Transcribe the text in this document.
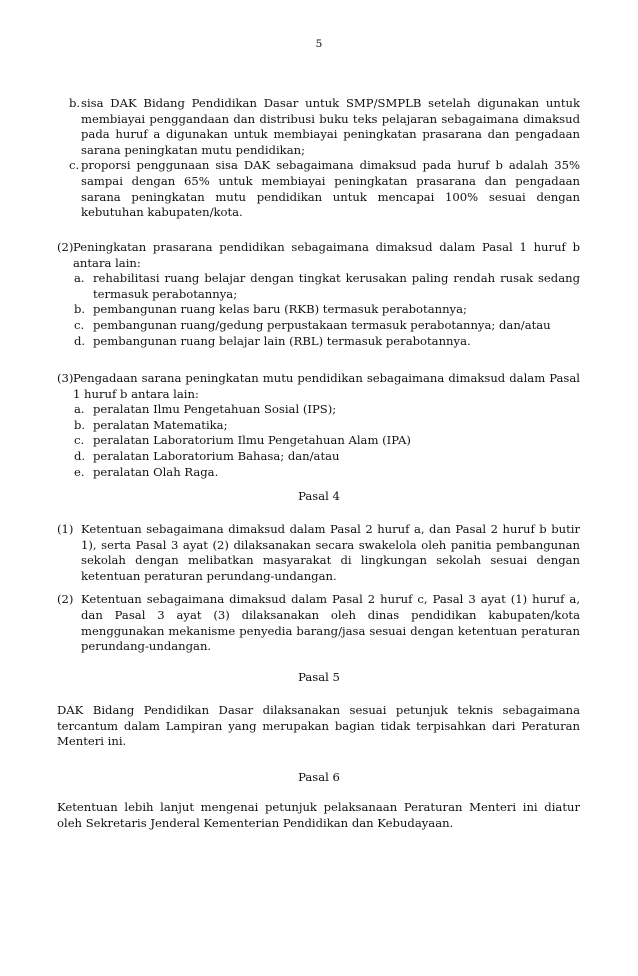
5
b. sisa DAK Bidang Pendidikan Dasar untuk SMP/SMPLB setelah digunakan untuk membiayai penggandaan dan distribusi buku teks pelajaran sebagaimana dimaksud pada huruf a digunakan untuk membiayai peningkatan prasarana dan pengadaan sarana peningkatan mutu pendidikan;
c. proporsi penggunaan sisa DAK sebagaimana dimaksud pada huruf b adalah 35% sampai dengan 65% untuk membiayai peningkatan prasarana dan pengadaan sarana peningkatan mutu pendidikan untuk mencapai 100% sesuai dengan kebutuhan kabupaten/kota.
(2) Peningkatan prasarana pendidikan sebagaimana dimaksud dalam Pasal 1 huruf b antara lain:
a. rehabilitasi ruang belajar dengan tingkat kerusakan paling rendah rusak sedang termasuk perabotannya;
b. pembangunan ruang kelas baru (RKB) termasuk perabotannya;
c. pembangunan ruang/gedung perpustakaan termasuk perabotannya; dan/atau
d. pembangunan ruang belajar lain (RBL) termasuk perabotannya.
(3) Pengadaan sarana peningkatan mutu pendidikan sebagaimana dimaksud dalam Pasal 1 huruf b antara lain:
a. peralatan Ilmu Pengetahuan Sosial (IPS);
b. peralatan Matematika;
c. peralatan Laboratorium Ilmu Pengetahuan Alam (IPA)
d. peralatan Laboratorium Bahasa; dan/atau
e. peralatan Olah Raga.
Pasal 4
(1) Ketentuan sebagaimana dimaksud dalam Pasal 2 huruf a, dan Pasal 2 huruf b butir 1), serta Pasal 3 ayat (2) dilaksanakan secara swakelola oleh panitia pembangunan sekolah dengan melibatkan masyarakat di lingkungan sekolah sesuai dengan ketentuan peraturan perundang-undangan.
(2) Ketentuan sebagaimana dimaksud dalam Pasal 2 huruf c, Pasal 3 ayat (1) huruf a, dan Pasal 3 ayat (3) dilaksanakan oleh dinas pendidikan kabupaten/kota menggunakan mekanisme penyedia barang/jasa sesuai dengan ketentuan peraturan perundang-undangan.
Pasal 5

DAK Bidang Pendidikan Dasar dilaksanakan sesuai petunjuk teknis sebagaimana tercantum dalam Lampiran yang merupakan bagian tidak terpisahkan dari Peraturan Menteri ini.

Pasal 6

Ketentuan lebih lanjut mengenai petunjuk pelaksanaan Peraturan Menteri ini diatur oleh Sekretaris Jenderal Kementerian Pendidikan dan Kebudayaan.
